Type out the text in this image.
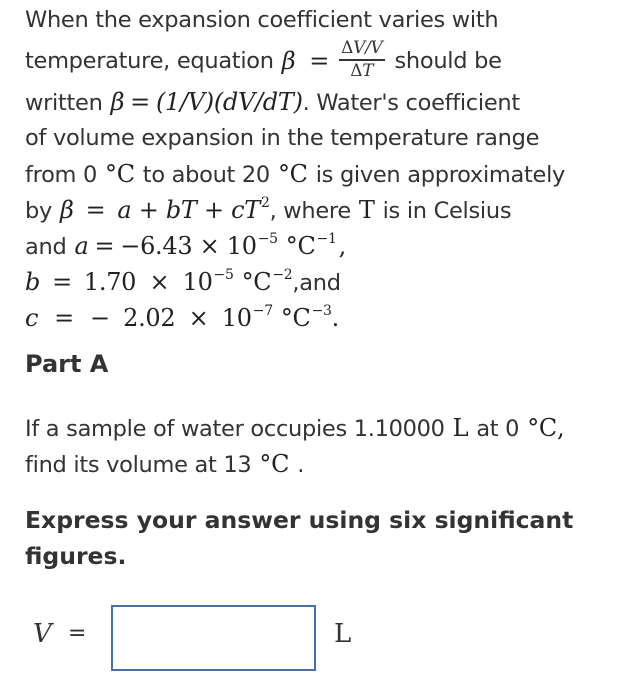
When the expansion coefficient varies with
temperature, equation $\beta = \frac{\Delta V/V}{\Delta T}$ should be
written β = (1/V)(dV/dT) . Water's coefficient
of volume expansion in the temperature range
from 0 °C to about 20 °C is given approximately
by β = a + bT + cT 2 , where T is in Celsius
and a = −6.43 × 10 −5 °C −1 ,
b = 1.70 × 10 −5 °C −2 ,and
c = − 2.02 × 10 −7 °C −3 .
Part A
If a sample of water occupies 1.10000 L at 0 °C ,
find its volume at 13 °C .
Express your answer using six significant figures.
V =	L
